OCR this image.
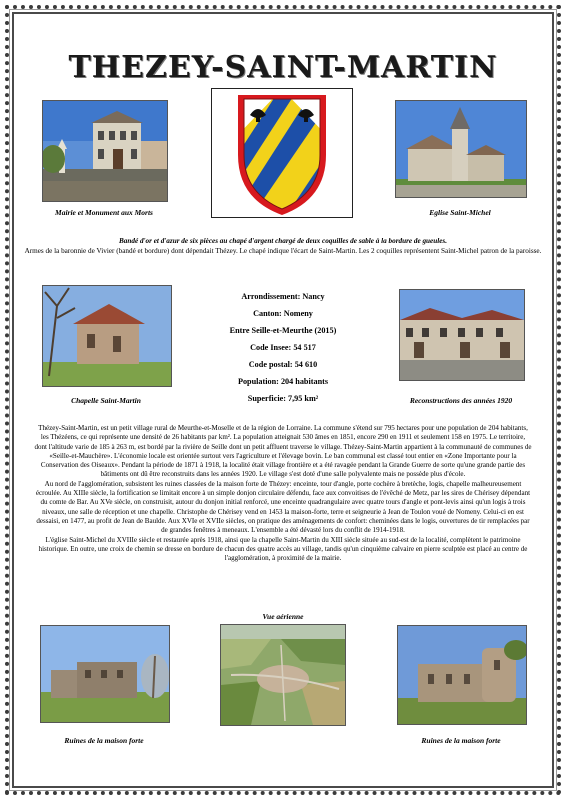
THEZEY-SAINT-MARTIN
Mairie et Monument aux Morts	Eglise Saint-Michel
Bandé d'or et d'azur de six pièces au chapé d'argent chargé de deux coquilles de sable à la bordure de gueules.
Armes de la baronnie de Vivier (bandé et bordure) dont dépendait Thézey. Le chapé indique l'écart de Saint-Martin. Les 2 coquilles représentent Saint-Michel patron de la paroisse.
Chapelle Saint-Martin
Arrondissement: Nancy
Canton: Nomeny
Entre Seille-et-Meurthe (2015)
Code Insee: 54 517
Code postal: 54 610
Population: 204 habitants
Superficie: 7,95 km²	Reconstructions des années 1920

Thézey-Saint-Martin, est un petit village rural de Meurthe-et-Moselle et de la région de Lorraine. La commune s'étend sur 795 hectares pour une population de 204 habitants, les Thézéens, ce qui représente une densité de 26 habitants par km². La population atteignait 530 âmes en 1851, encore 290 en 1911 et seulement 158 en 1975. Le territoire, dont l'altitude varie de 185 à 263 m, est bordé par la rivière de Seille dont un petit affluent traverse le village. Thézey-Saint-Martin appartient à la communauté de communes de «Seille-et-Mauchère». L'économie locale est orientée surtout vers l'agriculture et l'élevage bovin. Le ban communal est classé tout entier en «Zone Importante pour la Conservation des Oiseaux». Pendant la période de 1871 à 1918, la localité était village frontière et a été ravagée pendant la Grande Guerre de sorte qu'une grande partie des bâtiments ont dû être reconstruits dans les années 1920. Le village s'est doté d'une salle polyvalente mais ne possède plus d'école.

Au nord de l'agglomération, subsistent les ruines classées de la maison forte de Thézey: enceinte, tour d'angle, porte cochère à bretèche, logis, chapelle malheureusement écroulée. Au XIIIe siècle, la fortification se limitait encore à un simple donjon circulaire défendu, face aux convoitises de l'évêché de Metz, par les sires de Chérisey dépendant du comte de Bar. Au XVe siècle, on construisit, autour du donjon initial renforcé, une enceinte quadrangulaire avec quatre tours d'angle et pont-levis ainsi qu'un logis à trois niveaux, une salle de réception et une chapelle. Christophe de Chérisey vend en 1453 la maison-forte, terre et seigneurie à Jean de Toulon voué de Nomeny. Celui-ci en est dessaisi, en 1477, au profit de Jean de Baulde. Aux XVIe et XVIIe siècles, on pratique des aménagements de confort: cheminées dans le logis, ouvertures de tir remplacées par de grandes fenêtres à meneaux. L'ensemble a été dévasté lors du conflit de 1914-1918.

L'église Saint-Michel du XVIIIe siècle et restaurée après 1918, ainsi que la chapelle Saint-Martin du XIII siècle située au sud-est de la localité, complètent le patrimoine historique. En outre, une croix de chemin se dresse en bordure de chacun des quatre accès au village, tandis qu'un cinquième calvaire en pierre sculptée est placé au centre de l'agglomération, à proximité de la mairie.

Vue aérienne
Ruines de la maison forte	Ruines de la maison forte
